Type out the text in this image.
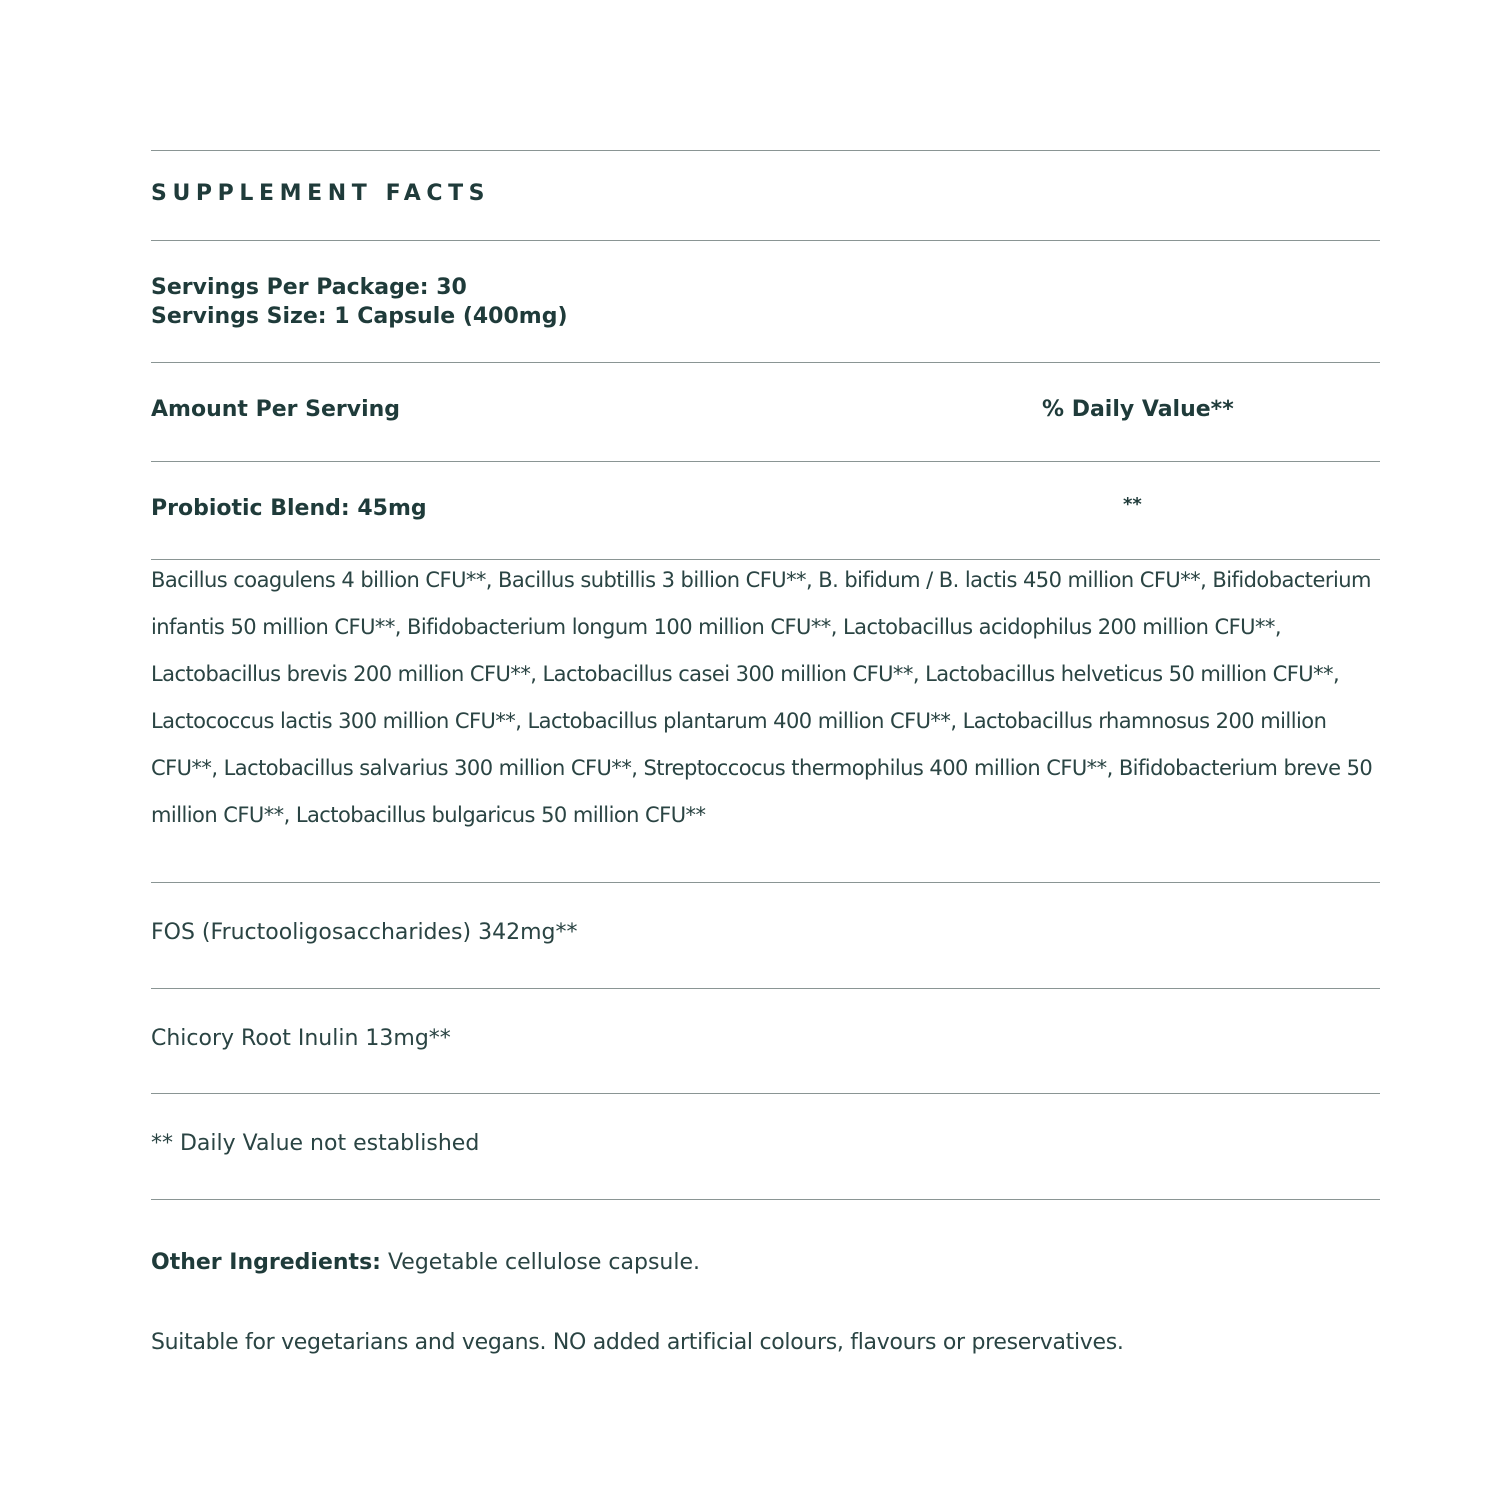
SUPPLEMENT FACTS
Servings Per Package: 30
Servings Size: 1 Capsule (400mg)
Amount Per Serving	% Daily Value**
Probiotic Blend: 45mg	**
Bacillus coagulens 4 billion CFU**, Bacillus subtillis 3 billion CFU**, B. bifidum / B. lactis 450 million CFU**, Bifidobacterium infantis 50 million CFU**, Bifidobacterium longum 100 million CFU**, Lactobacillus acidophilus 200 million CFU**, Lactobacillus brevis 200 million CFU**, Lactobacillus casei 300 million CFU**, Lactobacillus helveticus 50 million CFU**, Lactococcus lactis 300 million CFU**, Lactobacillus plantarum 400 million CFU**, Lactobacillus rhamnosus 200 million CFU**, Lactobacillus salvarius 300 million CFU**, Streptoccocus thermophilus 400 million CFU**, Bifidobacterium breve 50 million CFU**, Lactobacillus bulgaricus 50 million CFU**
FOS (Fructooligosaccharides) 342mg**
Chicory Root Inulin 13mg**
** Daily Value not established
Other Ingredients: Vegetable cellulose capsule.
Suitable for vegetarians and vegans. NO added artificial colours, flavours or preservatives.
